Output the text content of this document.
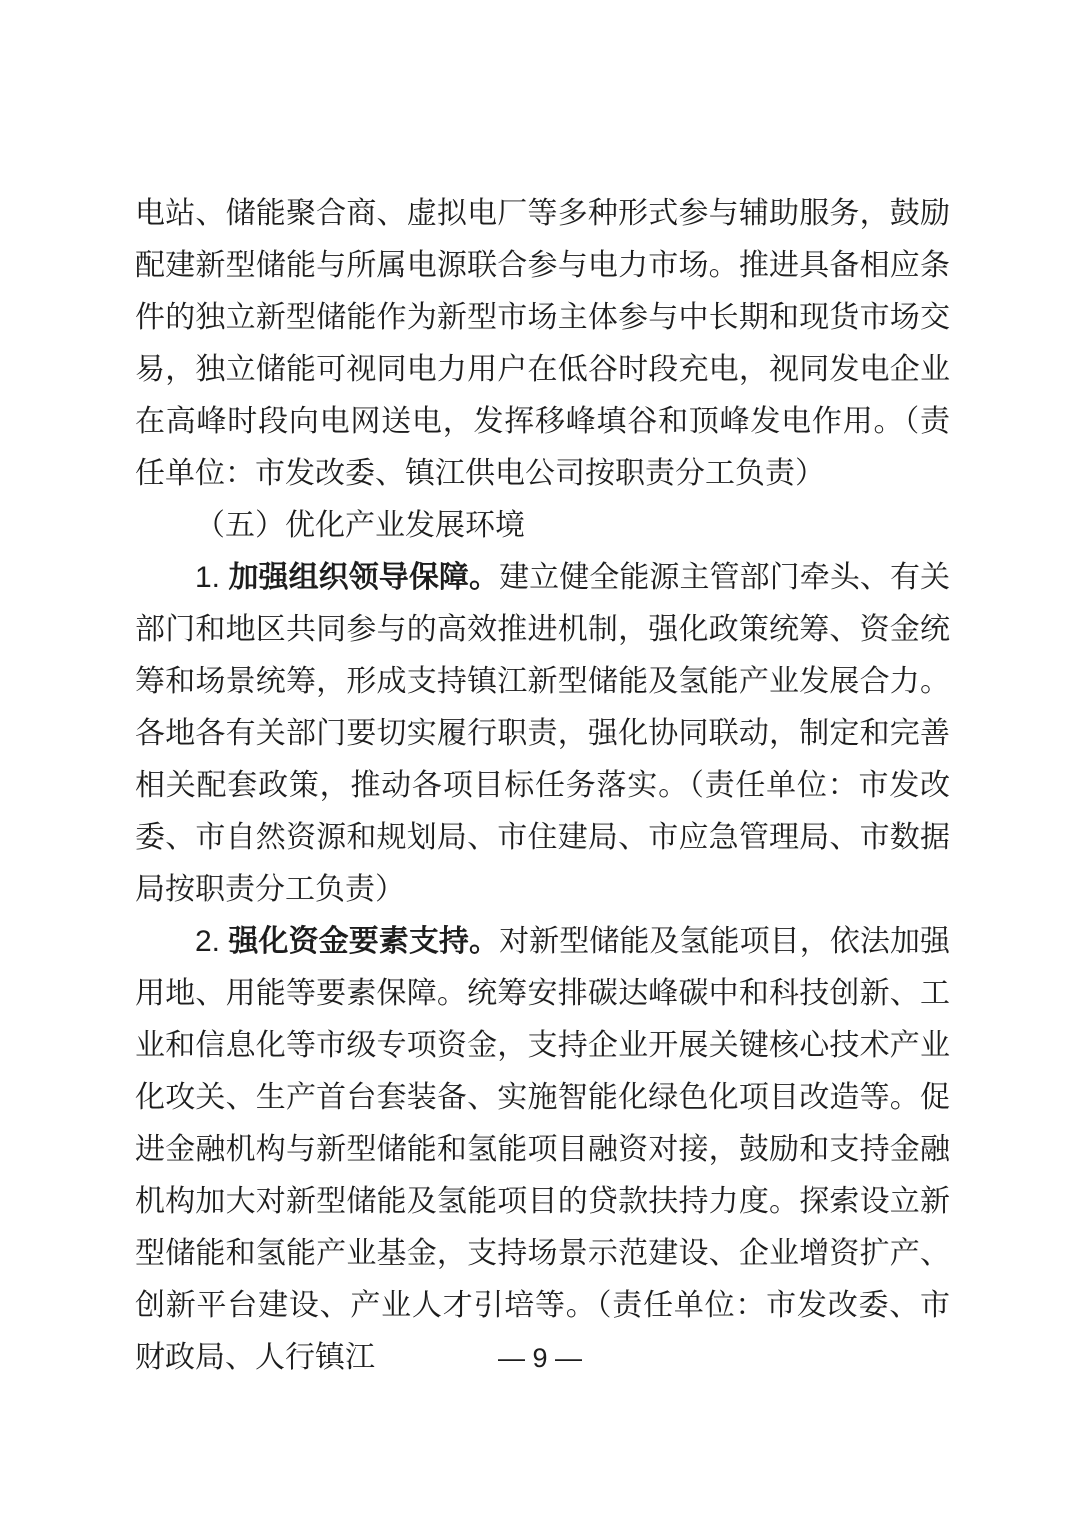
电站、储能聚合商、虚拟电厂等多种形式参与辅助服务，鼓励配建新型储能与所属电源联合参与电力市场。推进具备相应条件的独立新型储能作为新型市场主体参与中长期和现货市场交易，独立储能可视同电力用户在低谷时段充电，视同发电企业在高峰时段向电网送电，发挥移峰填谷和顶峰发电作用。（责任单位：市发改委、镇江供电公司按职责分工负责）

（五）优化产业发展环境

1. 加强组织领导保障。建立健全能源主管部门牵头、有关部门和地区共同参与的高效推进机制，强化政策统筹、资金统筹和场景统筹，形成支持镇江新型储能及氢能产业发展合力。各地各有关部门要切实履行职责，强化协同联动，制定和完善相关配套政策，推动各项目标任务落实。（责任单位：市发改委、市自然资源和规划局、市住建局、市应急管理局、市数据局按职责分工负责）

2. 强化资金要素支持。对新型储能及氢能项目，依法加强用地、用能等要素保障。统筹安排碳达峰碳中和科技创新、工业和信息化等市级专项资金，支持企业开展关键核心技术产业化攻关、生产首台套装备、实施智能化绿色化项目改造等。促进金融机构与新型储能和氢能项目融资对接，鼓励和支持金融机构加大对新型储能及氢能项目的贷款扶持力度。探索设立新型储能和氢能产业基金，支持场景示范建设、企业增资扩产、创新平台建设、产业人才引培等。（责任单位：市发改委、市财政局、人行镇江	— 9 —
